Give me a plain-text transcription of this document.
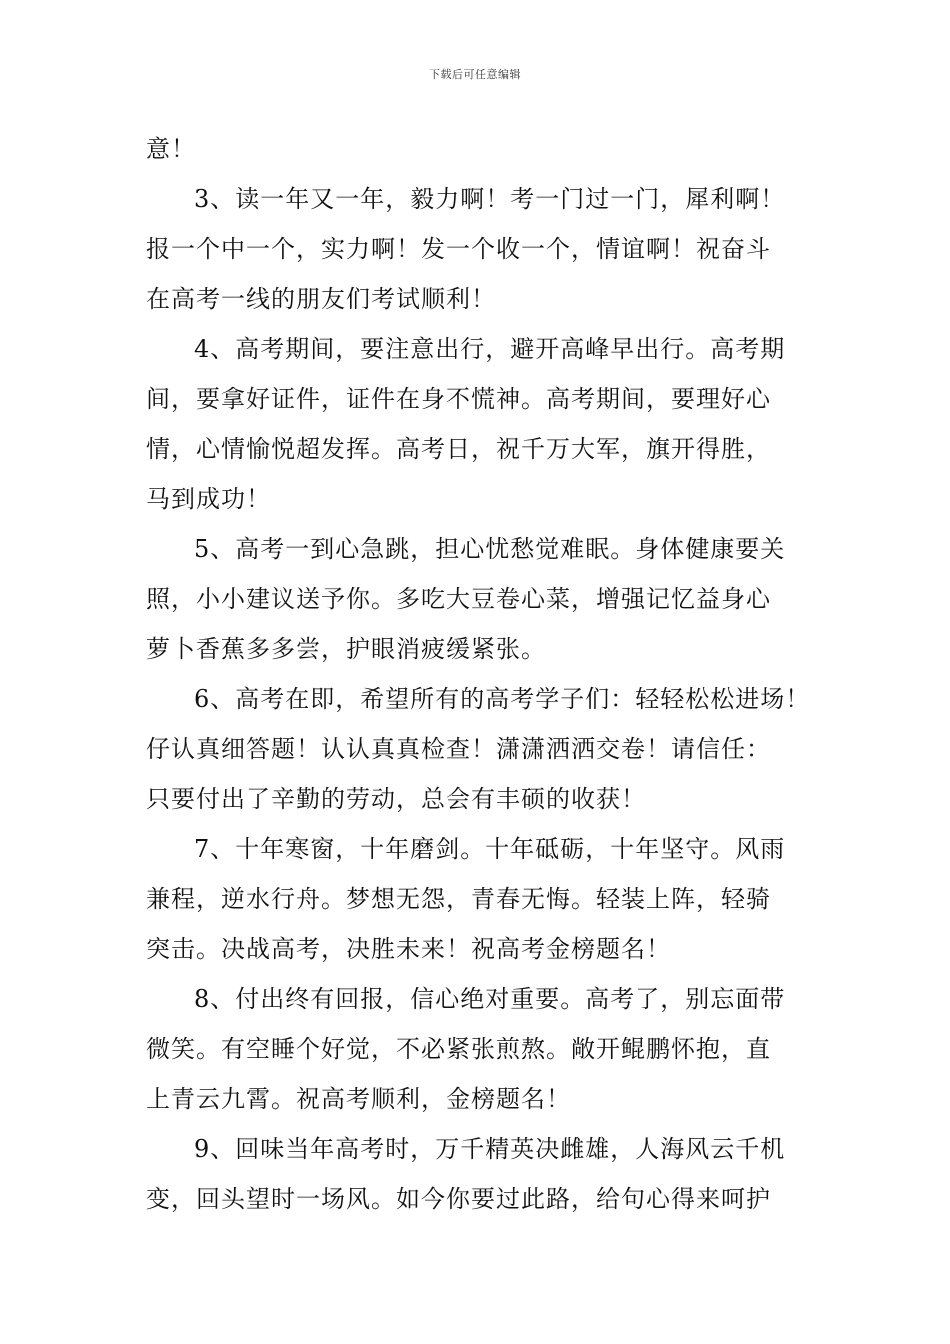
下载后可任意编辑
意！
3、读一年又一年，毅力啊！考一门过一门，犀利啊！
报一个中一个，实力啊！发一个收一个，情谊啊！祝奋斗
在高考一线的朋友们考试顺利！
4、高考期间，要注意出行，避开高峰早出行。高考期
间，要拿好证件，证件在身不慌神。高考期间，要理好心
情，心情愉悦超发挥。高考日，祝千万大军，旗开得胜，
马到成功！
5、高考一到心急跳，担心忧愁觉难眠。身体健康要关
照，小小建议送予你。多吃大豆卷心菜，增强记忆益身心
萝卜香蕉多多尝，护眼消疲缓紧张。
6、高考在即，希望所有的高考学子们：轻轻松松进场！
仔认真细答题！认认真真检查！潇潇洒洒交卷！请信任：
只要付出了辛勤的劳动，总会有丰硕的收获！
7、十年寒窗，十年磨剑。十年砥砺，十年坚守。风雨
兼程，逆水行舟。梦想无怨，青春无悔。轻装上阵，轻骑
突击。决战高考，决胜未来！祝高考金榜题名！
8、付出终有回报，信心绝对重要。高考了，别忘面带
微笑。有空睡个好觉，不必紧张煎熬。敞开鲲鹏怀抱，直
上青云九霄。祝高考顺利，金榜题名！
9、回味当年高考时，万千精英决雌雄，人海风云千机
变，回头望时一场风。如今你要过此路，给句心得来呵护
